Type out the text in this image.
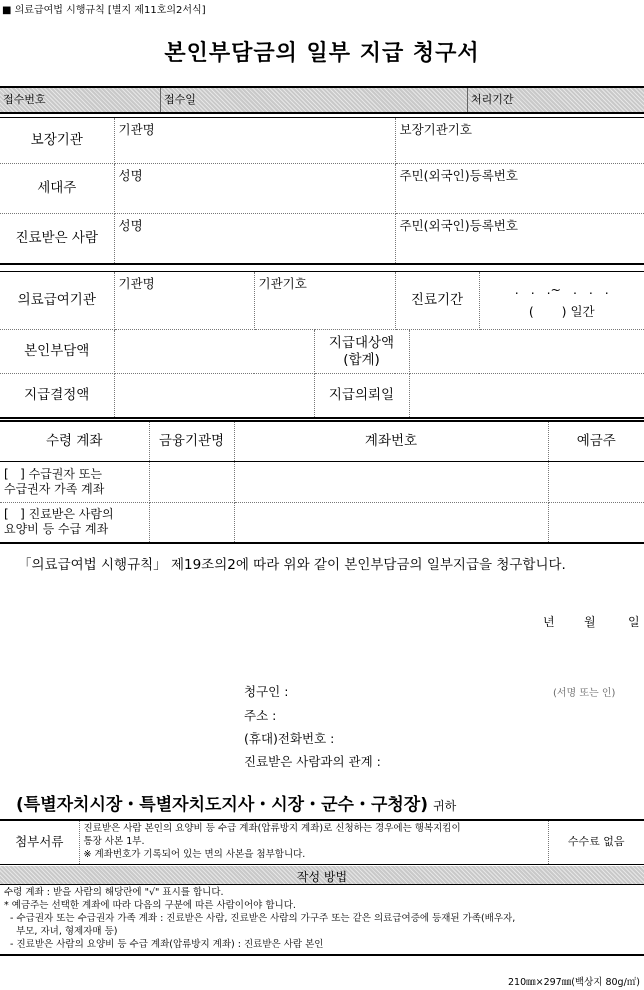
■ 의료급여법 시행규칙 [별지 제11호의2서식]
본인부담금의 일부 지급 청구서
접수번호	접수일	처리기간
보장기관	기관명	보장기관기호
세대주	성명	주민(외국인)등록번호
진료받은 사람	성명	주민(외국인)등록번호
의료급여기관	기관명	기관기호		진료기간		.   .   .~   .   .   .
(       ) 일간

본인부담액			지급대상액
(합계)			

지급결정액			지급의뢰일			
수령 계좌	금융기관명	계좌번호	예금주

[   ] 수급권자 또는
수급권자 가족 계좌			

[   ] 진료받은 사람의
요양비 등 수급 계좌			

「의료급여법 시행규칙」 제19조의2에 따라 위와 같이 본인부담금의 일부지급을 청구합니다.
년 월	일
청구인 :	(서명 또는 인)
주소 :
(휴대)전화번호 :
진료받은 사람과의 관계 :
(특별자치시장・특별자치도지사・시장・군수・구청장) 귀하
첨부서류	
진료받은 사람 본인의 요양비 등 수급 계좌(압류방지 계좌)로 신청하는 경우에는 행복지킴이
통장 사본 1부.
※ 계좌번호가 기록되어 있는 면의 사본을 첨부합니다.
	수수료 없음
작성 방법
수령 계좌 : 받을 사람의 해당란에 "√" 표시를 합니다.
* 예금주는 선택한 계좌에 따라 다음의 구분에 따른 사람이어야 합니다.
- 수급권자 또는 수급권자 가족 계좌 : 진료받은 사람, 진료받은 사람의 가구주 또는 같은 의료급여증에 등재된 가족(배우자,
부모, 자녀, 형제자매 등)
- 진료받은 사람의 요양비 등 수급 계좌(압류방지 계좌) : 진료받은 사람 본인
210㎜×297㎜(백상지 80g/㎡)
